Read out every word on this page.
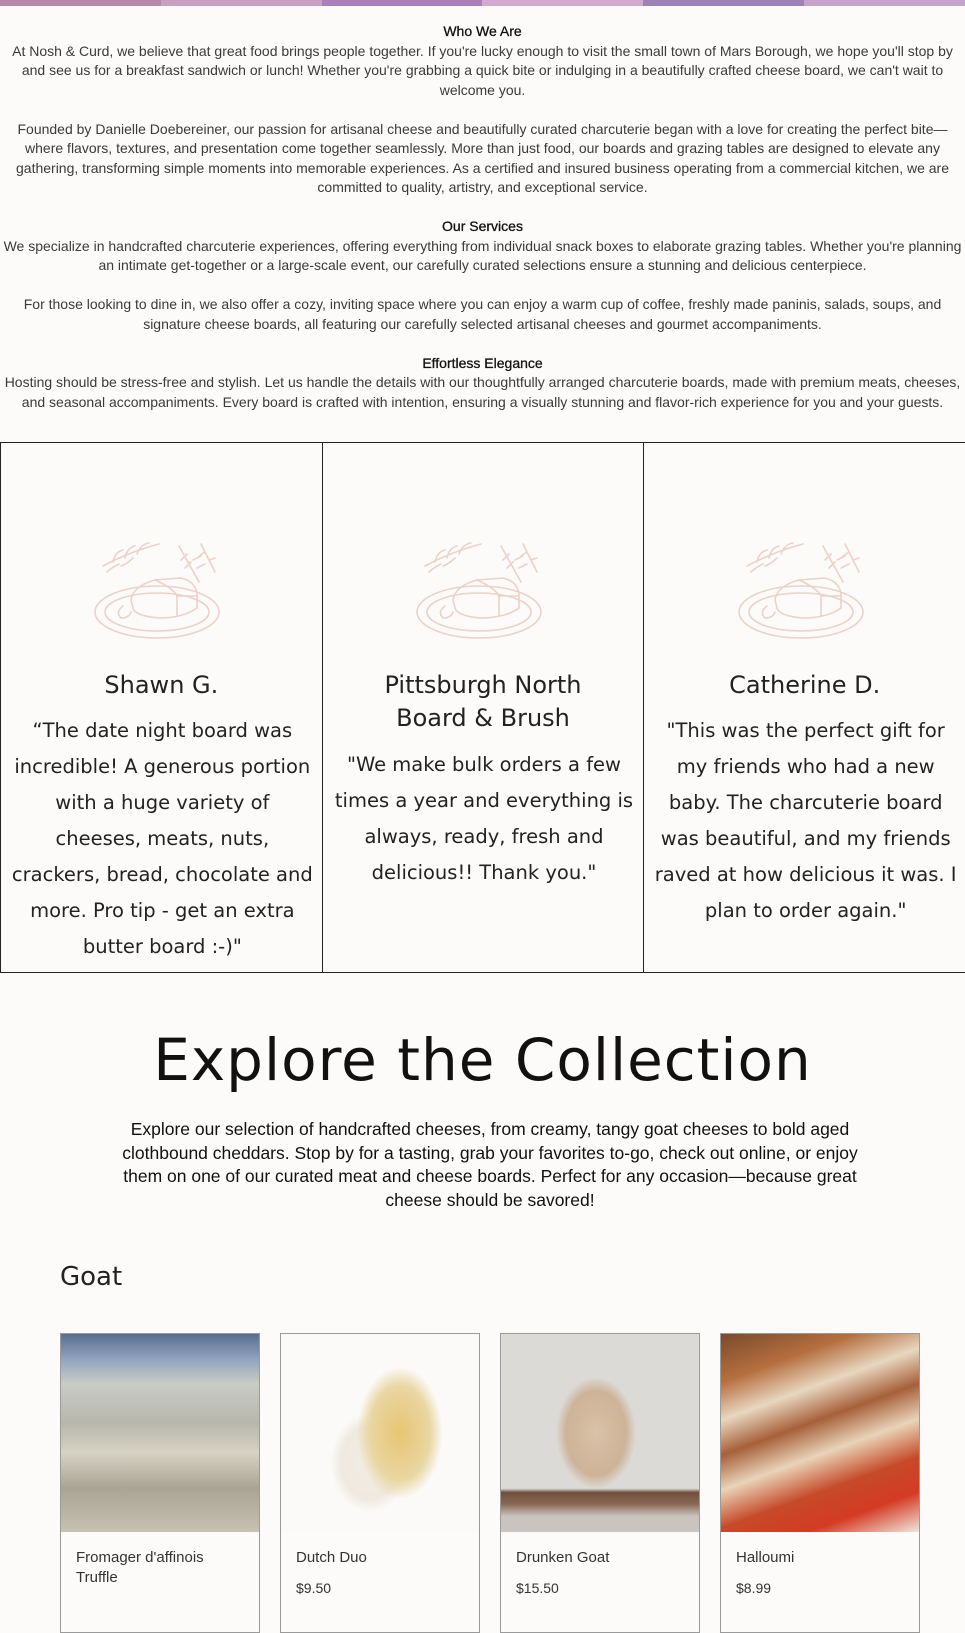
Who We Are

At Nosh & Curd, we believe that great food brings people together. If you're lucky enough to visit the small town of Mars Borough, we hope you'll stop by and see us for a breakfast sandwich or lunch! Whether you're grabbing a quick bite or indulging in a beautifully crafted cheese board, we can't wait to welcome you.

Founded by Danielle Doebereiner, our passion for artisanal cheese and beautifully curated charcuterie began with a love for creating the perfect bite—where flavors, textures, and presentation come together seamlessly. More than just food, our boards and grazing tables are designed to elevate any gathering, transforming simple moments into memorable experiences. As a certified and insured business operating from a commercial kitchen, we are committed to quality, artistry, and exceptional service.

Our Services

We specialize in handcrafted charcuterie experiences, offering everything from individual snack boxes to elaborate grazing tables. Whether you're planning an intimate get-together or a large-scale event, our carefully curated selections ensure a stunning and delicious centerpiece.

For those looking to dine in, we also offer a cozy, inviting space where you can enjoy a warm cup of coffee, freshly made paninis, salads, soups, and signature cheese boards, all featuring our carefully selected artisanal cheeses and gourmet accompaniments.

Effortless Elegance

Hosting should be stress-free and stylish. Let us handle the details with our thoughtfully arranged charcuterie boards, made with premium meats, cheeses, and seasonal accompaniments. Every board is crafted with intention, ensuring a visually stunning and flavor-rich experience for you and your guests.

Shawn G.
“The date night board was incredible! A generous portion with a huge variety of cheeses, meats, nuts, crackers, bread, chocolate and more. Pro tip - get an extra butter board :-)"
Pittsburgh North Board & Brush
"We make bulk orders a few times a year and everything is always, ready, fresh and delicious!! Thank you."
Catherine D.
"This was the perfect gift for my friends who had a new baby. The charcuterie board was beautiful, and my friends raved at how delicious it was. I plan to order again."
Explore the Collection

Explore our selection of handcrafted cheeses, from creamy, tangy goat cheeses to bold aged clothbound cheddars. Stop by for a tasting, grab your favorites to-go, check out online, or enjoy them on one of our curated meat and cheese boards. Perfect for any occasion—because great cheese should be savored!

Goat
Fromager d'affinois Truffle
Dutch Duo
$9.50
Drunken Goat
$15.50
Halloumi
$8.99
